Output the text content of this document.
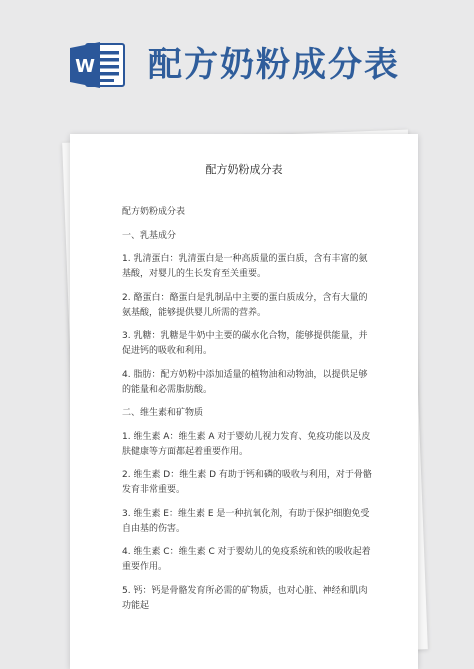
W 配方奶粉成分表

配方奶粉成分表

配方奶粉成分表

一、乳基成分

1. 乳清蛋白：乳清蛋白是一种高质量的蛋白质，含有丰富的氨基酸，对婴儿的生长发育至关重要。

2. 酪蛋白：酪蛋白是乳制品中主要的蛋白质成分，含有大量的氨基酸，能够提供婴儿所需的营养。

3. 乳糖：乳糖是牛奶中主要的碳水化合物，能够提供能量，并促进钙的吸收和利用。

4. 脂肪：配方奶粉中添加适量的植物油和动物油，以提供足够的能量和必需脂肪酸。

二、维生素和矿物质

1. 维生素 A：维生素 A 对于婴幼儿视力发育、免疫功能以及皮肤健康等方面都起着重要作用。

2. 维生素 D：维生素 D 有助于钙和磷的吸收与利用，对于骨骼发育非常重要。

3. 维生素 E：维生素 E 是一种抗氧化剂，有助于保护细胞免受自由基的伤害。

4. 维生素 C：维生素 C 对于婴幼儿的免疫系统和铁的吸收起着重要作用。

5. 钙：钙是骨骼发育所必需的矿物质，也对心脏、神经和肌肉功能起
